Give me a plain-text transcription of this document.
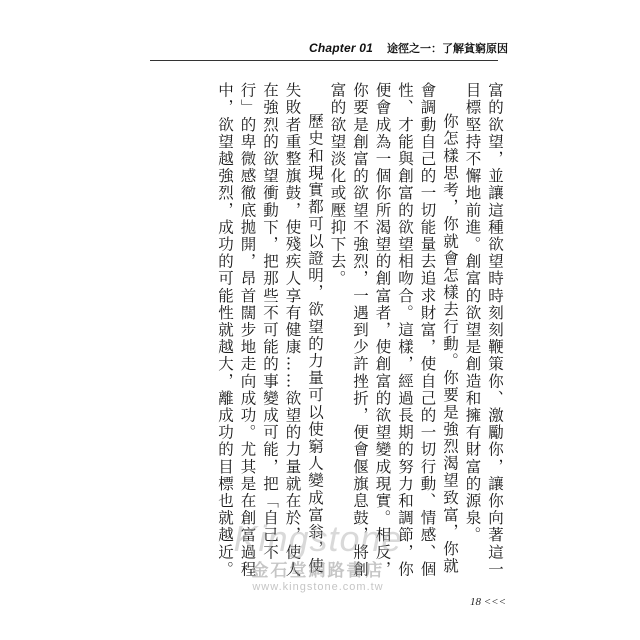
Chapter 01 途徑之一：了解貧窮原因

富的欲望，並讓這種欲望時時刻刻鞭策你、激勵你，讓你向著這一目標堅持不懈地前進。創富的欲望是創造和擁有財富的源泉。

你怎樣思考，你就會怎樣去行動。你要是強烈渴望致富，你就會調動自己的一切能量去追求財富，使自己的一切行動、情感、個性、才能與創富的欲望相吻合。這樣，經過長期的努力和調節，你便會成為一個你所渴望的創富者，使創富的欲望變成現實。相反，你要是創富的欲望不強烈，一遇到少許挫折，便會偃旗息鼓，將創富的欲望淡化或壓抑下去。

歷史和現實都可以證明，欲望的力量可以使窮人變成富翁，使失敗者重整旗鼓，使殘疾人享有健康……欲望的力量就在於，使人在強烈的欲望衝動下，把那些不可能的事變成可能，把「自己不行」的卑微感徹底拋開，昂首闊步地走向成功。尤其是在創富過程中，欲望越強烈，成功的可能性就越大，離成功的目標也就越近。 Kingstone
金石堂網路書店
www.kingstone.com.tw
18 <<<
